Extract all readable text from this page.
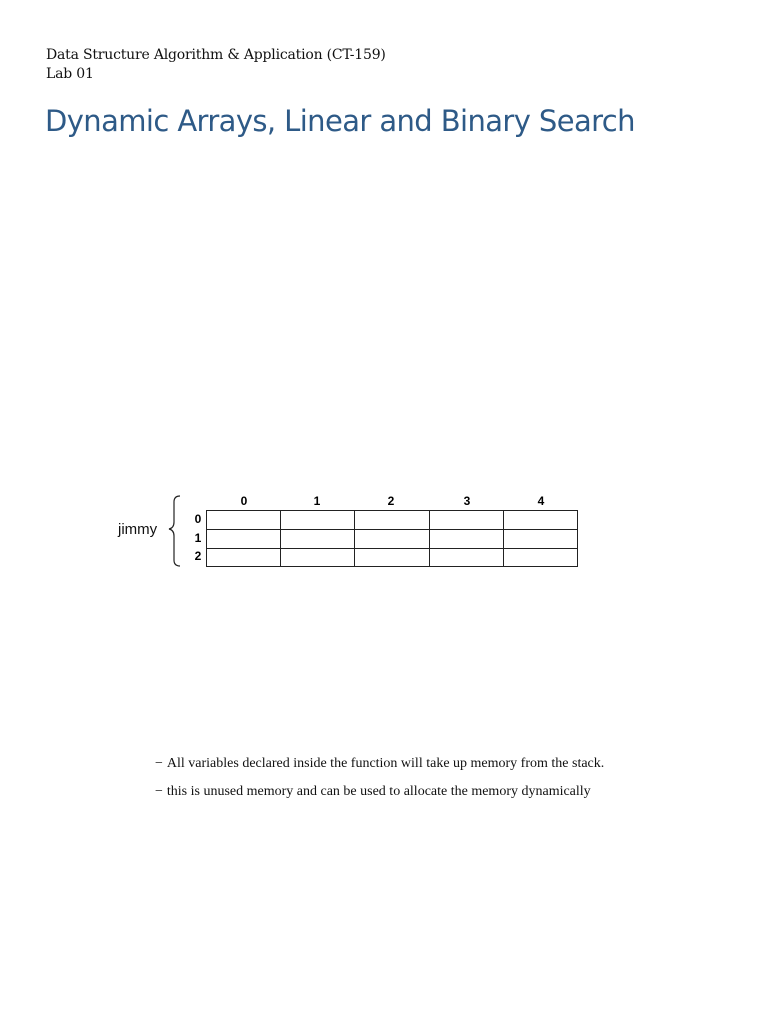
Data Structure Algorithm & Application (CT-159)
Lab 01
Dynamic Arrays, Linear and Binary Search
jimmy
0	1	2	3	4
0
1
2
− All variables declared inside the function will take up memory from the stack.
− this is unused memory and can be used to allocate the memory dynamically
